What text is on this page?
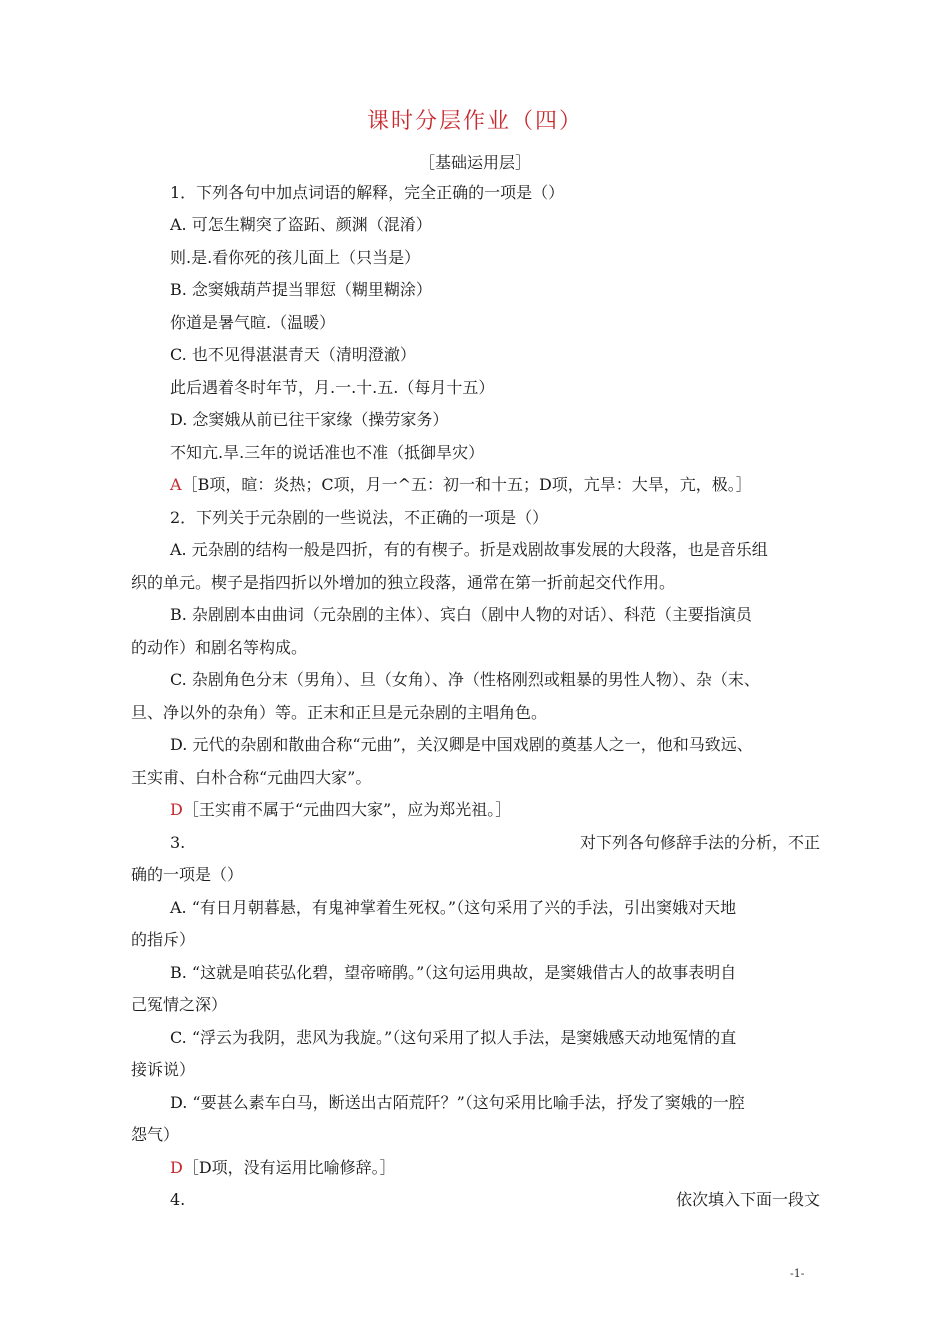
课时分层作业（四）
［基础运用层］
1．下列各句中加点词语的解释，完全正确的一项是（）
A. 可怎生糊突了盗跖、颜渊（混淆）
则.是.看你死的孩儿面上（只当是）
B. 念窦娥葫芦提当罪愆（糊里糊涂）
你道是暑气暄.（温暖）
C. 也不见得湛湛青天（清明澄澈）
此后遇着冬时年节，月.一.十.五.（每月十五）
D. 念窦娥从前已往干家缘（操劳家务）
不知亢.旱.三年的说话准也不准（抵御旱灾）
A［B项，暄：炎热；C项，月一^五：初一和十五；D项，亢旱：大旱，亢，极。］
2．下列关于元杂剧的一些说法，不正确的一项是（）
A. 元杂剧的结构一般是四折，有的有楔子。折是戏剧故事发展的大段落，也是音乐组
织的单元。楔子是指四折以外增加的独立段落，通常在第一折前起交代作用。
B. 杂剧剧本由曲词（元杂剧的主体）、宾白（剧中人物的对话）、科范（主要指演员
的动作）和剧名等构成。
C. 杂剧角色分末（男角）、旦（女角）、净（性格刚烈或粗暴的男性人物）、杂（末、
旦、净以外的杂角）等。正末和正旦是元杂剧的主唱角色。
D. 元代的杂剧和散曲合称“元曲”，关汉卿是中国戏剧的奠基人之一，他和马致远、
王实甫、白朴合称“元曲四大家”。
D［王实甫不属于“元曲四大家”，应为郑光祖。］
3.	对下列各句修辞手法的分析，不正
确的一项是（）
A. “有日月朝暮悬，有鬼神掌着生死权。”（这句采用了兴的手法，引出窦娥对天地
的指斥）
B. “这就是咱苌弘化碧，望帝啼鹃。”（这句运用典故，是窦娥借古人的故事表明自
己冤情之深）
C. “浮云为我阴，悲风为我旋。”（这句采用了拟人手法，是窦娥感天动地冤情的直
接诉说）
D. “要甚么素车白马，断送出古陌荒阡？”（这句采用比喻手法，抒发了窦娥的一腔
怨气）
D［D项，没有运用比喻修辞。］
4.	依次填入下面一段文
-1-
